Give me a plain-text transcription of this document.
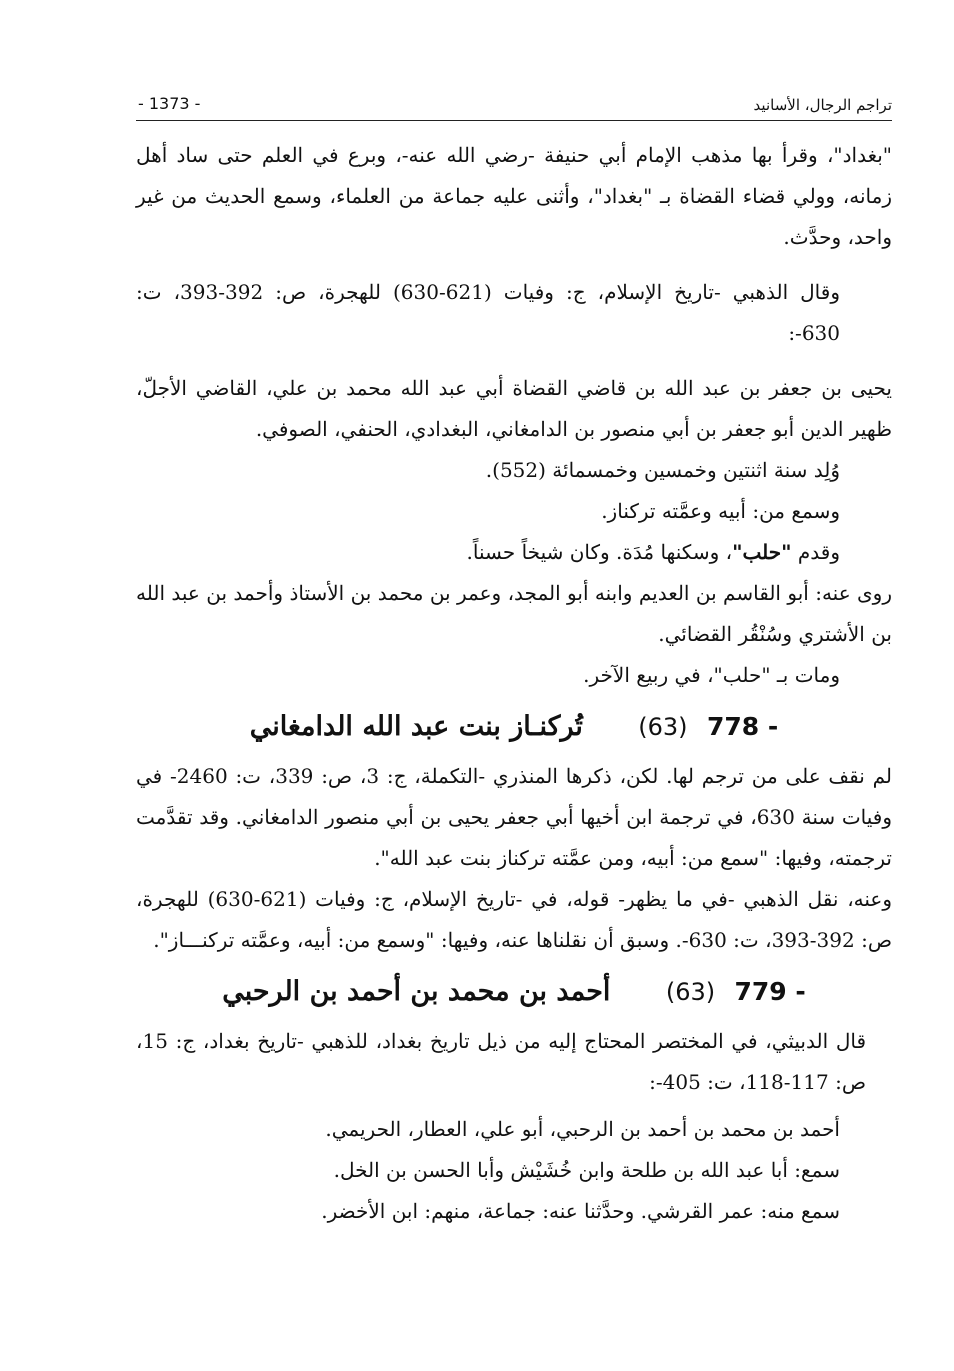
تراجم الرجال، الأسانيد
- 1373 -

"بغداد"، وقرأ بها مذهب الإمام أبي حنيفة -رضي الله عنه-، وبرع في العلم حتى ساد أهل زمانه، وولي قضاء القضاة بـ "بغداد"، وأثنى عليه جماعة من العلماء، وسمع الحديث من غير واحد، وحدَّث.

وقال الذهبي -تاريخ الإسلام، ج: وفيات (621-630) للهجرة، ص: 392-393، ت: 630-:

يحيى بن جعفر بن عبد الله بن قاضي القضاة أبي عبد الله محمد بن علي، القاضي الأجلّ، ظهير الدين أبو جعفر بن أبي منصور بن الدامغاني، البغدادي، الحنفي، الصوفي.

وُلِد سنة اثنتين وخمسين وخمسمائة (552).

وسمع من: أبيه وعمَّته تركناز.

وقدم "حلب"، وسكنها مُدَة. وكان شيخاً حسناً.

روى عنه: أبو القاسم بن العديم وابنه أبو المجد، وعمر بن محمد بن الأستاذ وأحمد بن عبد الله بن الأشتري وسُنْقُر القضائي.

ومات بـ "حلب"، في ربيع الآخر.

778 - (63) تُركنـاز بنت عبد الله الدامغاني

لم نقف على من ترجم لها. لكن، ذكرها المنذري -التكملة، ج: 3، ص: 339، ت: 2460- في وفيات سنة 630، في ترجمة ابن أخيها أبي جعفر يحيى بن أبي منصور الدامغاني. وقد تقدَّمت ترجمته، وفيها: "سمع من: أبيه، ومن عمَّته تركناز بنت عبد الله".

وعنه، نقل الذهبي -في ما يظهر- قوله، في -تاريخ الإسلام، ج: وفيات (621-630) للهجرة، ص: 392-393، ت: 630-. وسبق أن نقلناها عنه، وفيها: "وسمع من: أبيه، وعمَّته تركنـــاز".

779 - (63) أحمد بن محمد بن أحمد بن الرحبي

قال الدبيثي، في المختصر المحتاج إليه من ذيل تاريخ بغداد، للذهبي -تاريخ بغداد، ج: 15، ص: 117-118، ت: 405-:

أحمد بن محمد بن أحمد بن الرحبي، أبو علي، العطار، الحريمي.

سمع: أبا عبد الله بن طلحة وابن خُشَيْش وأبا الحسن بن الخل.

سمع منه: عمر القرشي. وحدَّثنا عنه: جماعة، منهم: ابن الأخضر.
